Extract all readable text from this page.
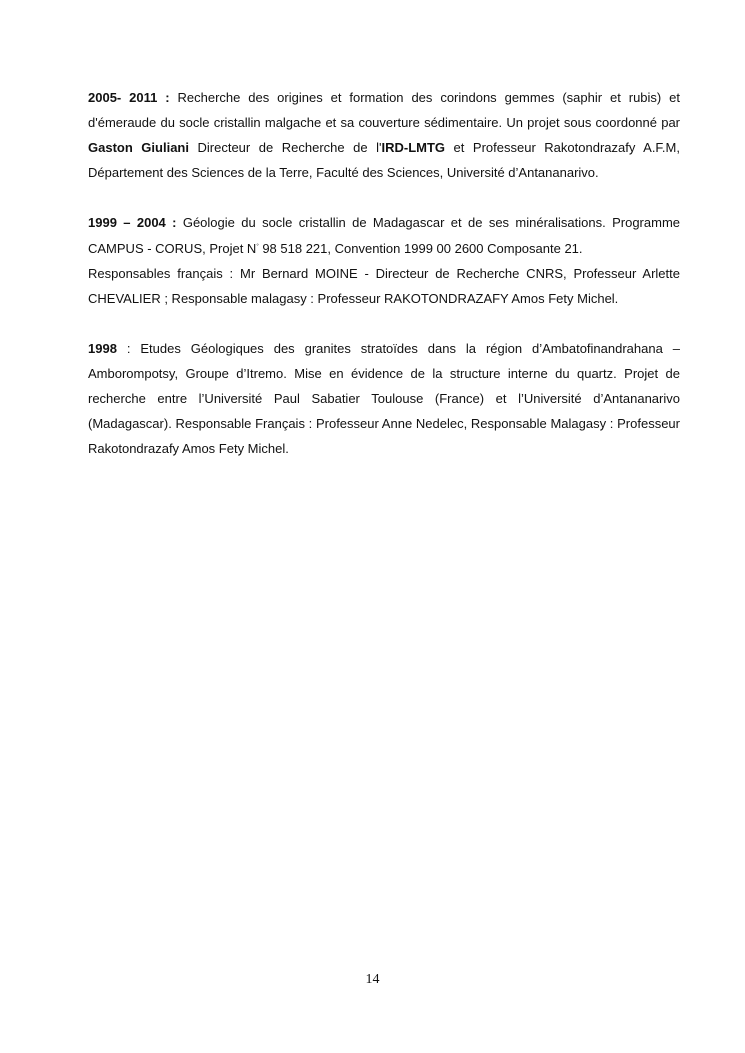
2005- 2011 : Recherche des origines et formation des corindons gemmes (saphir et rubis) et d'émeraude du socle cristallin malgache et sa couverture sédimentaire. Un projet sous coordonné par Gaston Giuliani Directeur de Recherche de l'IRD-LMTG et Professeur Rakotondrazafy A.F.M, Département des Sciences de la Terre, Faculté des Sciences, Université d’Antananarivo.

1999 – 2004 : Géologie du socle cristallin de Madagascar et de ses minéralisations. Programme CAMPUS - CORUS, Projet N° 98 518 221, Convention 1999 00 2600 Composante 21.

Responsables français : Mr Bernard MOINE - Directeur de Recherche CNRS, Professeur Arlette CHEVALIER ; Responsable malagasy : Professeur RAKOTONDRAZAFY Amos Fety Michel.

1998 : Etudes Géologiques des granites stratoïdes dans la région d’Ambatofinandrahana – Amborompotsy, Groupe d’Itremo. Mise en évidence de la structure interne du quartz. Projet de recherche entre l’Université Paul Sabatier Toulouse (France) et l’Université d’Antananarivo (Madagascar). Responsable Français : Professeur Anne Nedelec, Responsable Malagasy : Professeur Rakotondrazafy Amos Fety Michel.

14
